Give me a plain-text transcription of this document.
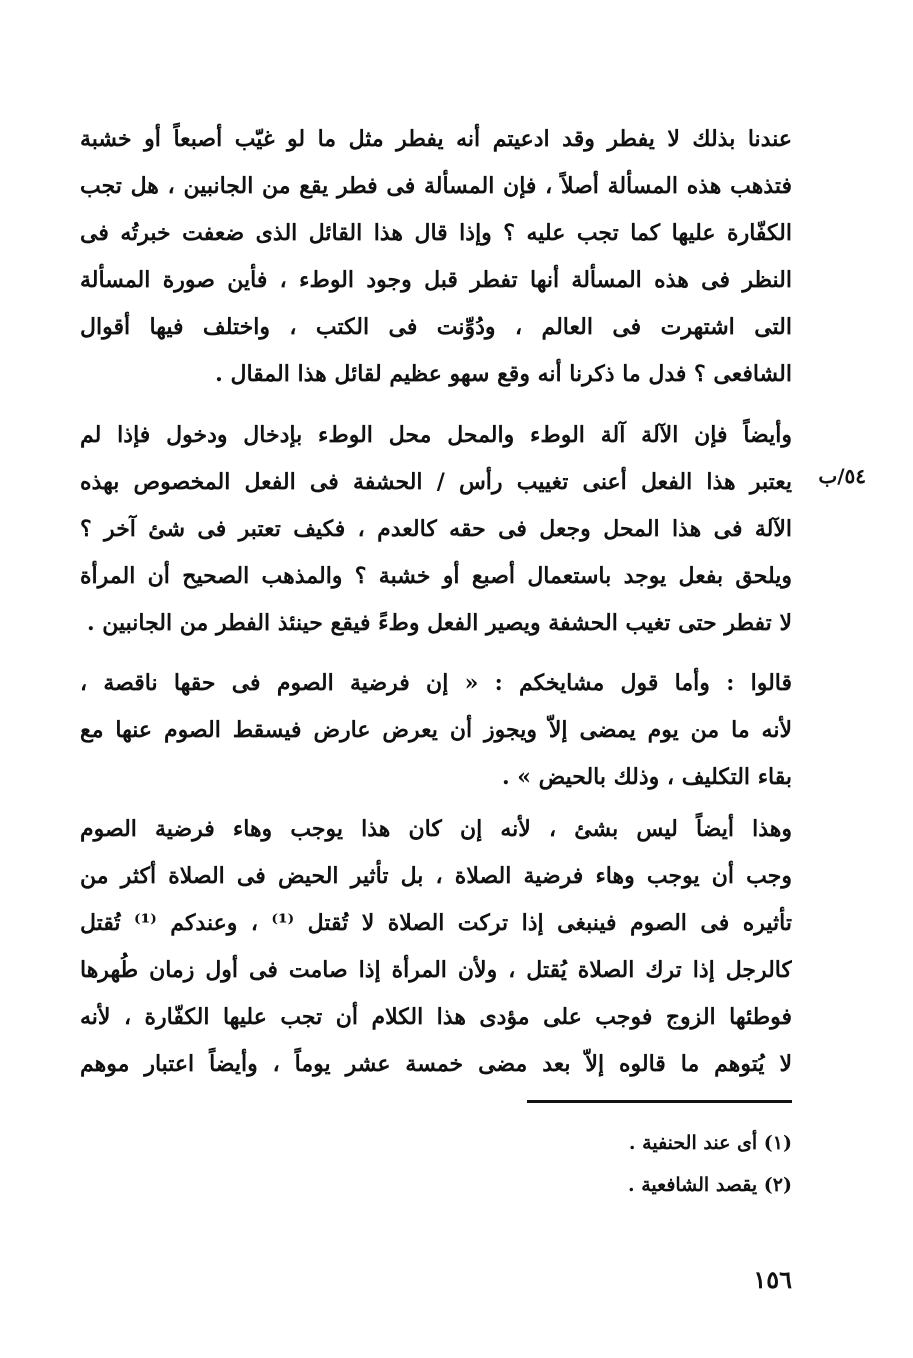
عندنا بذلك لا يفطر وقد ادعيتم أنه يفطر مثل ما لو غيّب أصبعاً أو خشبة
فتذهب هذه المسألة أصلاً ، فإن المسألة فى فطر يقع من الجانبين ، هل تجب
الكفّارة عليها كما تجب عليه ؟ وإذا قال هذا القائل الذى ضعفت خبرتُه فى
النظر فى هذه المسألة أنها تفطر قبل وجود الوطء ، فأين صورة المسألة
التى اشتهرت فى العالم ، ودُوِّنت فى الكتب ، واختلف فيها أقوال
الشافعى ؟ فدل ما ذكرنا أنه وقع سهو عظيم لقائل هذا المقال .
٥٤/ب
وأيضاً فإن الآلة آلة الوطء والمحل محل الوطء بإدخال ودخول فإذا لم
يعتبر هذا الفعل أعنى تغييب رأس / الحشفة فى الفعل المخصوص بهذه
الآلة فى هذا المحل وجعل فى حقه كالعدم ، فكيف تعتبر فى شئ آخر ؟
ويلحق بفعل يوجد باستعمال أصبع أو خشبة ؟ والمذهب الصحيح أن المرأة
لا تفطر حتى تغيب الحشفة ويصير الفعل وطءً فيقع حينئذ الفطر من الجانبين .
قالوا : وأما قول مشايخكم : « إن فرضية الصوم فى حقها ناقصة ،
لأنه ما من يوم يمضى إلاّ ويجوز أن يعرض عارض فيسقط الصوم عنها مع
بقاء التكليف ، وذلك بالحيض » .
وهذا أيضاً ليس بشئ ، لأنه إن كان هذا يوجب وهاء فرضية الصوم
وجب أن يوجب وهاء فرضية الصلاة ، بل تأثير الحيض فى الصلاة أكثر من
تأثيره فى الصوم فينبغى إذا تركت الصلاة لا تُقتل ⁽¹⁾ ، وعندكم ⁽¹⁾ تُقتل
كالرجل إذا ترك الصلاة يُقتل ، ولأن المرأة إذا صامت فى أول زمان طُهرها
فوطئها الزوج فوجب على مؤدى هذا الكلام أن تجب عليها الكفّارة ، لأنه
لا يُتوهم ما قالوه إلاّ بعد مضى خمسة عشر يوماً ، وأيضاً اعتبار موهم
(١) أى عند الحنفية .
(٢) يقصد الشافعية .
١٥٦
